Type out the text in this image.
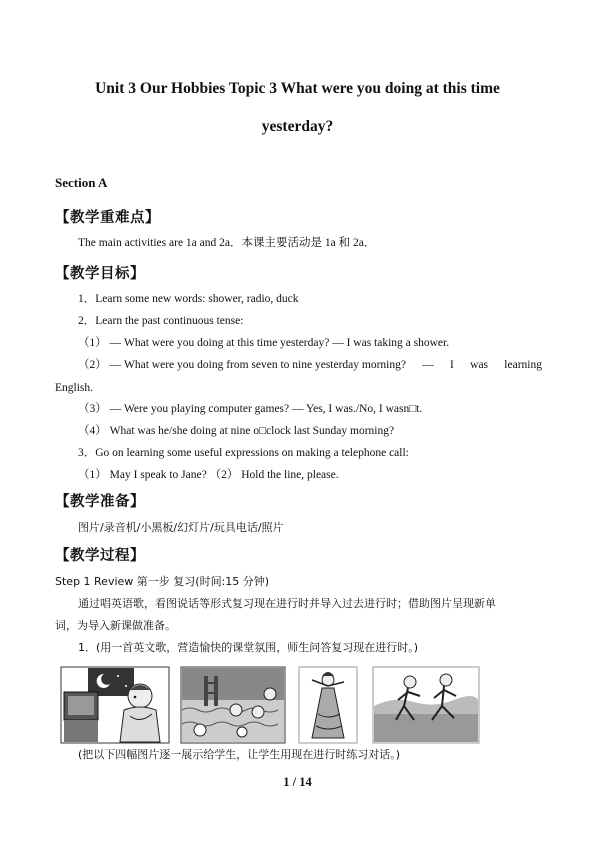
Unit 3 Our Hobbies Topic 3 What were you doing at this time
yesterday?
Section A
【教学重难点】
The main activities are 1a and 2a．本课主要活动是 1a 和 2a．
【教学目标】
1．Learn some new words: shower, radio, duck
2．Learn the past continuous tense:
（1） — What were you doing at this time yesterday? — I was taking a shower.
（2） — What were you doing from seven to nine yesterday morning? — I was learning
English.
（3） — Were you playing computer games? — Yes, I was./No, I wasn□t.
（4） What was he/she doing at nine o□clock last Sunday morning?
3．Go on learning some useful expressions on making a telephone call:
（1） May I speak to Jane? （2） Hold the line, please.
【教学准备】
图片/录音机/小黑板/幻灯片/玩具电话/照片
【教学过程】
Step 1 Review 第一步 复习(时间:15 分钟)
通过唱英语歌，看图说话等形式复习现在进行时并导入过去进行时；借助图片呈现新单
词，为导入新课做准备。
1．(用一首英文歌，营造愉快的课堂氛围，师生问答复习现在进行时。)
(把以下四幅图片逐一展示给学生，让学生用现在进行时练习对话。)
1 / 14
